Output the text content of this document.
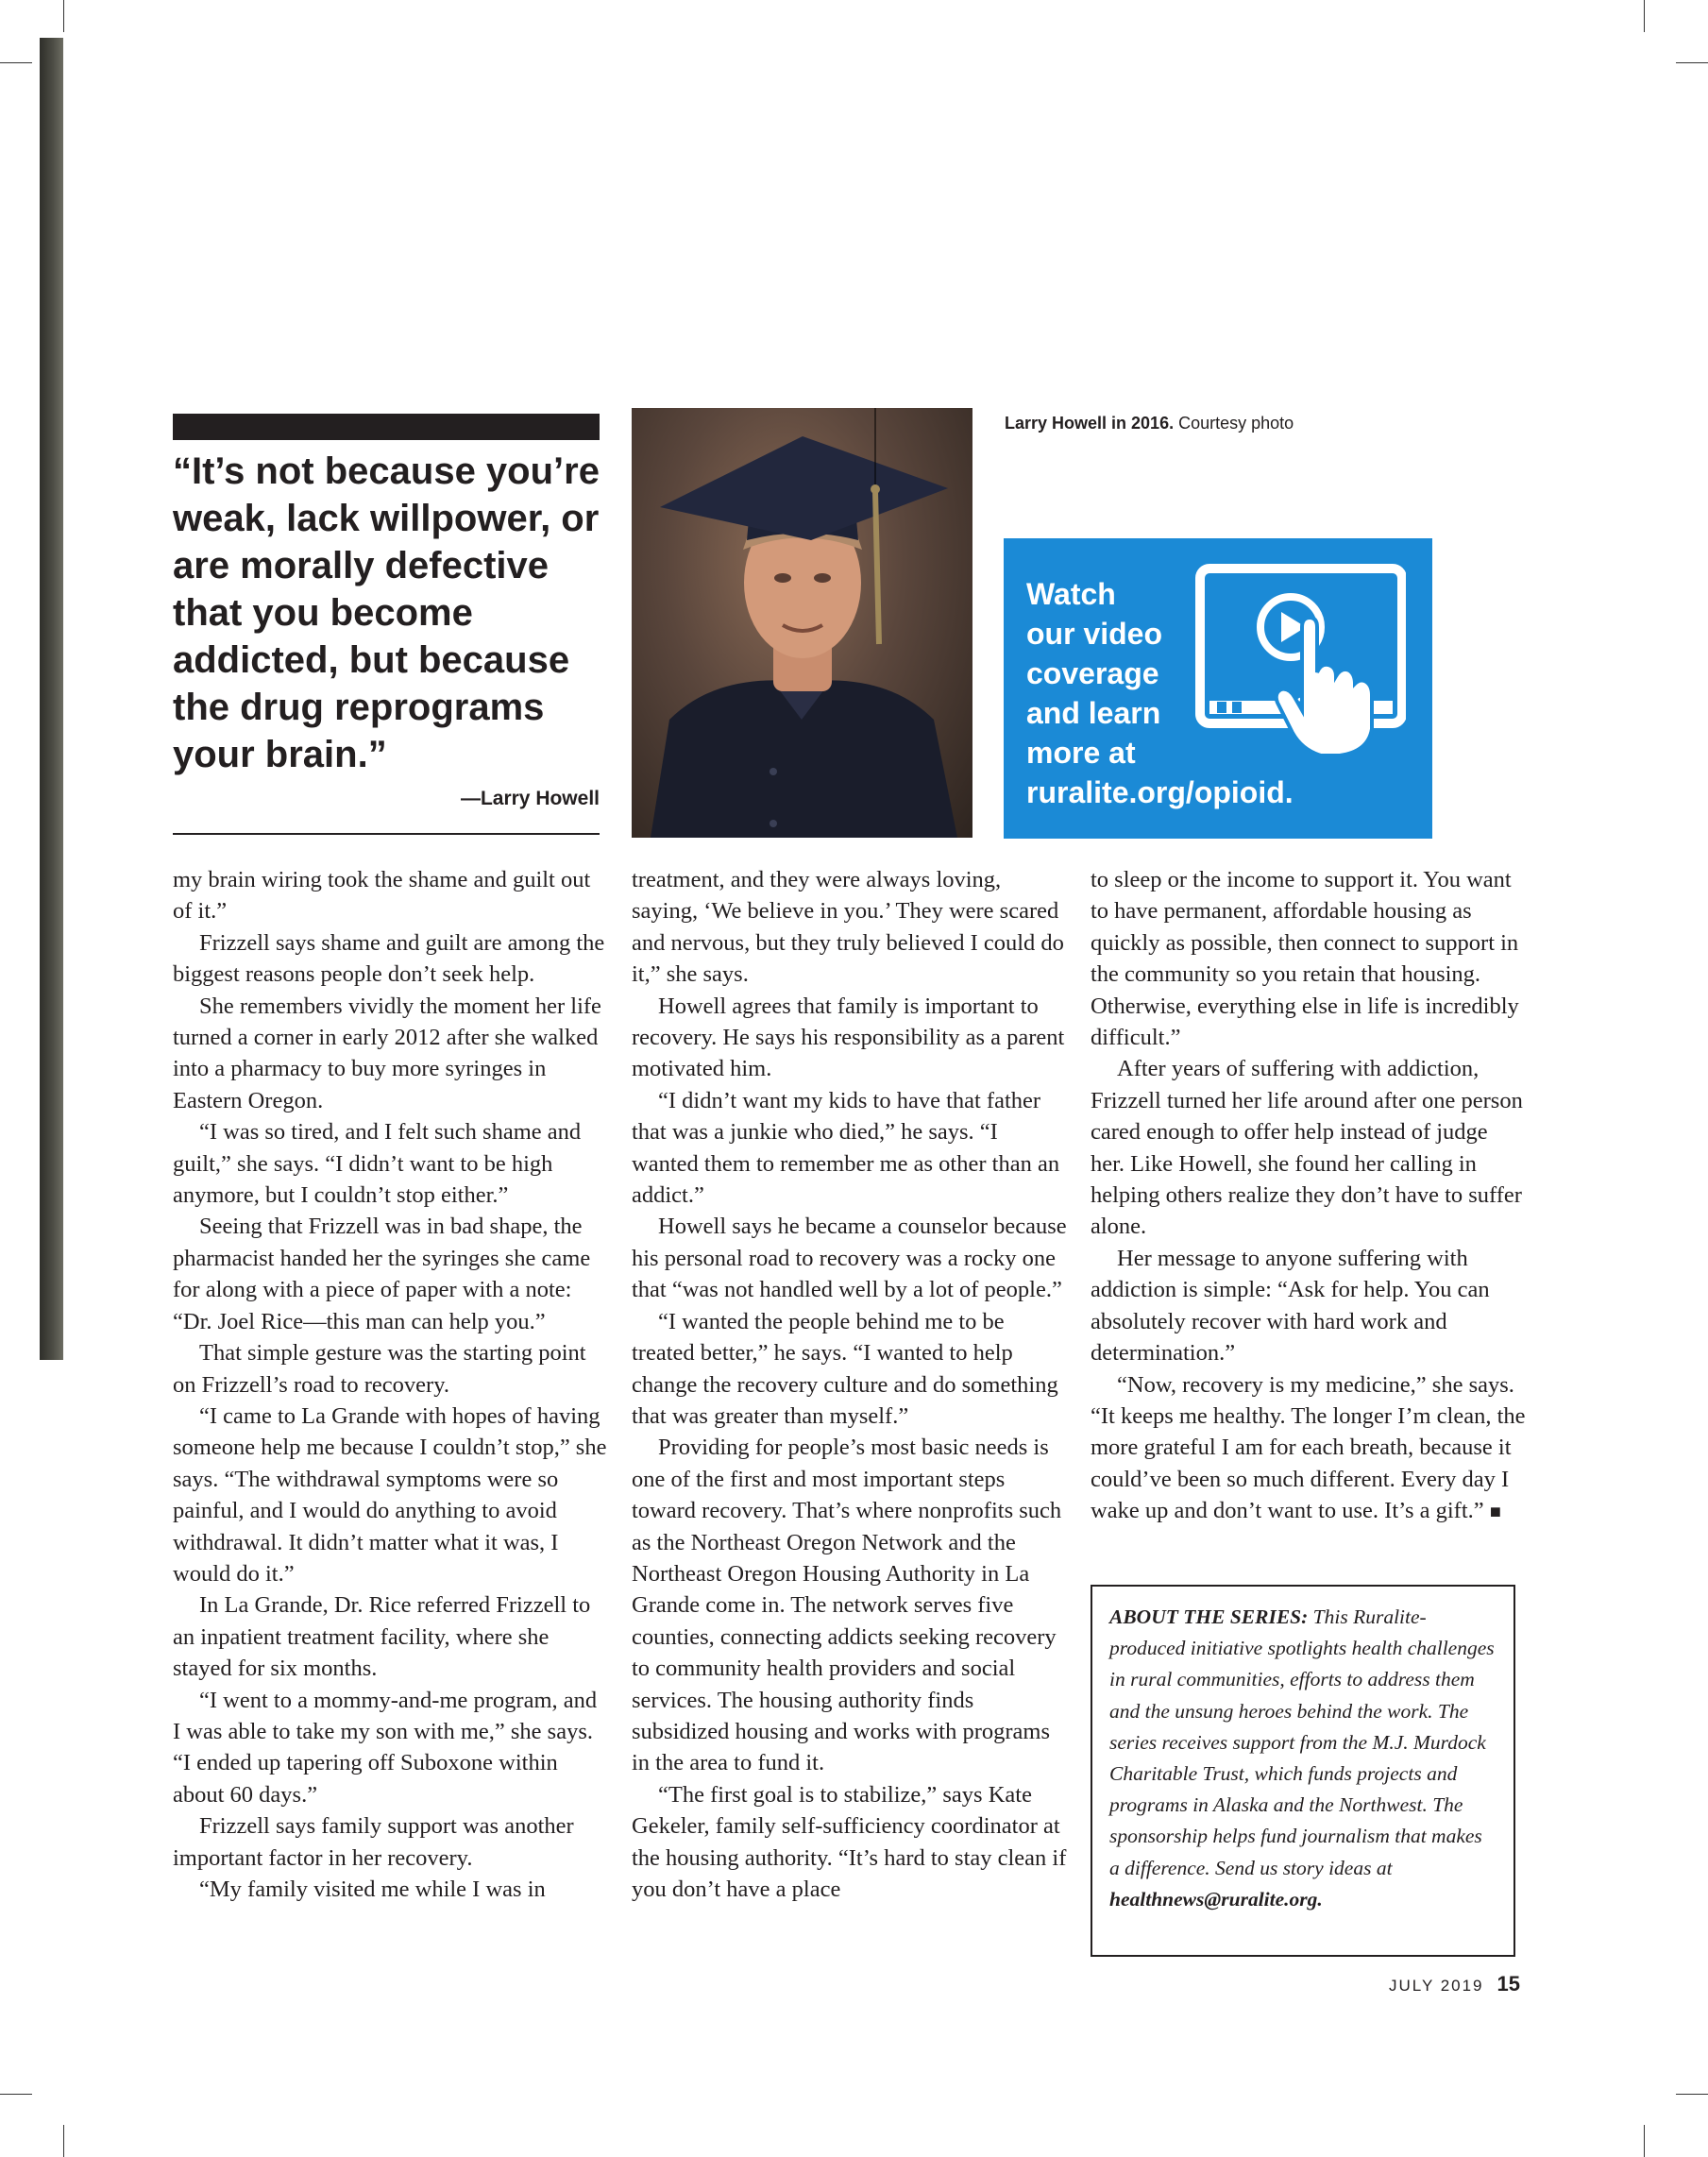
“It’s not because you’re weak, lack willpower, or are morally defective that you become addicted, but because the drug reprograms your brain.”
—Larry Howell
Larry Howell in 2016. Courtesy photo
Watch
our video
coverage
and learn
more at
ruralite.org/opioid.

my brain wiring took the shame and guilt out of it.”

Frizzell says shame and guilt are among the biggest reasons people don’t seek help.

She remembers vividly the moment her life turned a corner in early 2012 after she walked into a pharmacy to buy more syringes in Eastern Oregon.

“I was so tired, and I felt such shame and guilt,” she says. “I didn’t want to be high anymore, but I couldn’t stop either.”

Seeing that Frizzell was in bad shape, the pharmacist handed her the syringes she came for along with a piece of paper with a note: “Dr. Joel Rice—this man can help you.”

That simple gesture was the starting point on Frizzell’s road to recovery.

“I came to La Grande with hopes of having someone help me because I couldn’t stop,” she says. “The withdrawal symptoms were so painful, and I would do anything to avoid withdrawal. It didn’t matter what it was, I would do it.”

In La Grande, Dr. Rice referred Frizzell to an inpatient treatment facility, where she stayed for six months.

“I went to a mommy-and-me program, and I was able to take my son with me,” she says. “I ended up tapering off Suboxone within about 60 days.”

Frizzell says family support was another important factor in her recovery.

“My family visited me while I was in

treatment, and they were always loving, saying, ‘We believe in you.’ They were scared and nervous, but they truly believed I could do it,” she says.

Howell agrees that family is important to recovery. He says his responsibility as a parent motivated him.

“I didn’t want my kids to have that father that was a junkie who died,” he says. “I wanted them to remember me as other than an addict.”

Howell says he became a counselor because his personal road to recovery was a rocky one that “was not handled well by a lot of people.”

“I wanted the people behind me to be treated better,” he says. “I wanted to help change the recovery culture and do something that was greater than myself.”

Providing for people’s most basic needs is one of the first and most important steps toward recovery. That’s where nonprofits such as the Northeast Oregon Network and the Northeast Oregon Housing Authority in La Grande come in. The network serves five counties, connecting addicts seeking recovery to community health providers and social services. The housing authority finds subsidized housing and works with programs in the area to fund it.

“The first goal is to stabilize,” says Kate Gekeler, family self-sufficiency coordinator at the housing authority. “It’s hard to stay clean if you don’t have a place

to sleep or the income to support it. You want to have permanent, affordable housing as quickly as possible, then connect to support in the community so you retain that housing. Otherwise, everything else in life is incredibly difficult.”

After years of suffering with addiction, Frizzell turned her life around after one person cared enough to offer help instead of judge her. Like Howell, she found her calling in helping others realize they don’t have to suffer alone.

Her message to anyone suffering with addiction is simple: “Ask for help. You can absolutely recover with hard work and determination.”

“Now, recovery is my medicine,” she says. “It keeps me healthy. The longer I’m clean, the more grateful I am for each breath, because it could’ve been so much different. Every day I wake up and don’t want to use. It’s a gift.” ■

ABOUT THE SERIES: This Ruralite-produced initiative spotlights health challenges in rural communities, efforts to address them and the unsung heroes behind the work. The series receives support from the M.J. Murdock Charitable Trust, which funds projects and programs in Alaska and the Northwest. The sponsorship helps fund journalism that makes a difference. Send us story ideas at healthnews@ruralite.org.
JULY 2019 15
